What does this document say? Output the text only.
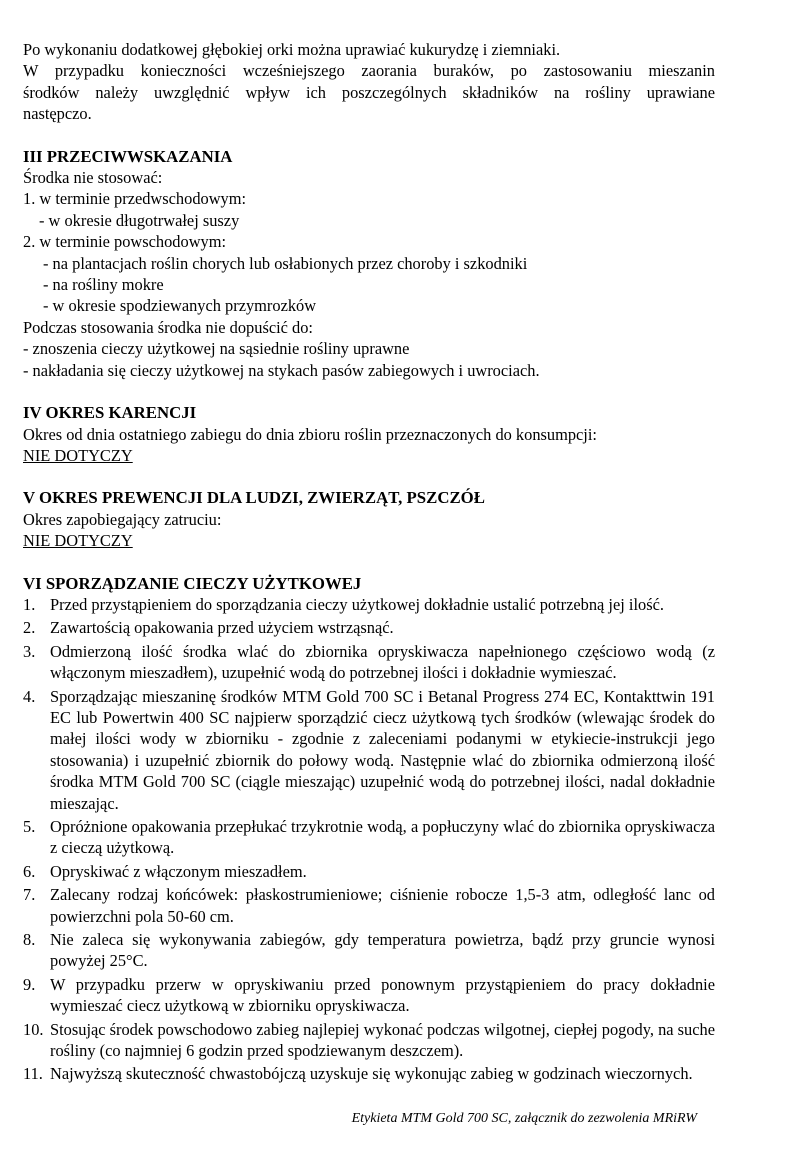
Po wykonaniu dodatkowej głębokiej orki można uprawiać kukurydzę i ziemniaki.
W przypadku konieczności wcześniejszego zaorania buraków, po zastosowaniu mieszanin
środków należy uwzględnić wpływ ich poszczególnych składników na rośliny uprawiane
następczo.
III PRZECIWWSKAZANIA
Środka nie stosować:
1. w terminie przedwschodowym:
- w okresie długotrwałej suszy
2. w terminie powschodowym:
- na plantacjach roślin chorych lub osłabionych przez choroby i szkodniki
- na rośliny mokre
- w okresie spodziewanych przymrozków
Podczas stosowania środka nie dopuścić do:
- znoszenia cieczy użytkowej na sąsiednie rośliny uprawne
- nakładania się cieczy użytkowej na stykach pasów zabiegowych i uwrociach.
IV OKRES KARENCJI
Okres od dnia ostatniego zabiegu do dnia zbioru roślin przeznaczonych do konsumpcji:
NIE DOTYCZY
V OKRES PREWENCJI DLA LUDZI, ZWIERZĄT, PSZCZÓŁ
Okres zapobiegający zatruciu:
NIE DOTYCZY
VI SPORZĄDZANIE CIECZY UŻYTKOWEJ
1. Przed przystąpieniem do sporządzania cieczy użytkowej dokładnie ustalić potrzebną jej ilość.
2. Zawartością opakowania przed użyciem wstrząsnąć.
3. Odmierzoną ilość środka wlać do zbiornika opryskiwacza napełnionego częściowo wodą (z włączonym mieszadłem), uzupełnić wodą do potrzebnej ilości i dokładnie wymieszać.
4. Sporządzając mieszaninę środków MTM Gold 700 SC i Betanal Progress 274 EC, Kontakttwin 191 EC lub Powertwin 400 SC najpierw sporządzić ciecz użytkową tych środków (wlewając środek do małej ilości wody w zbiorniku - zgodnie z zaleceniami podanymi w etykiecie-instrukcji jego stosowania) i uzupełnić zbiornik do połowy wodą. Następnie wlać do zbiornika odmierzoną ilość środka MTM Gold 700 SC (ciągle mieszając) uzupełnić wodą do potrzebnej ilości, nadal dokładnie mieszając.
5. Opróżnione opakowania przepłukać trzykrotnie wodą, a popłuczyny wlać do zbiornika opryskiwacza z cieczą użytkową.
6. Opryskiwać z włączonym mieszadłem.
7. Zalecany rodzaj końcówek: płaskostrumieniowe; ciśnienie robocze 1,5-3 atm, odległość lanc od powierzchni pola 50-60 cm.
8. Nie zaleca się wykonywania zabiegów, gdy temperatura powietrza, bądź przy gruncie wynosi powyżej 25°C.
9. W przypadku przerw w opryskiwaniu przed ponownym przystąpieniem do pracy dokładnie wymieszać ciecz użytkową w zbiorniku opryskiwacza.
10. Stosując środek powschodowo zabieg najlepiej wykonać podczas wilgotnej, ciepłej pogody, na suche rośliny (co najmniej 6 godzin przed spodziewanym deszczem).
11. Najwyższą skuteczność chwastobójczą uzyskuje się wykonując zabieg w godzinach wieczornych.
Etykieta MTM Gold 700 SC, załącznik do zezwolenia MRiRW
